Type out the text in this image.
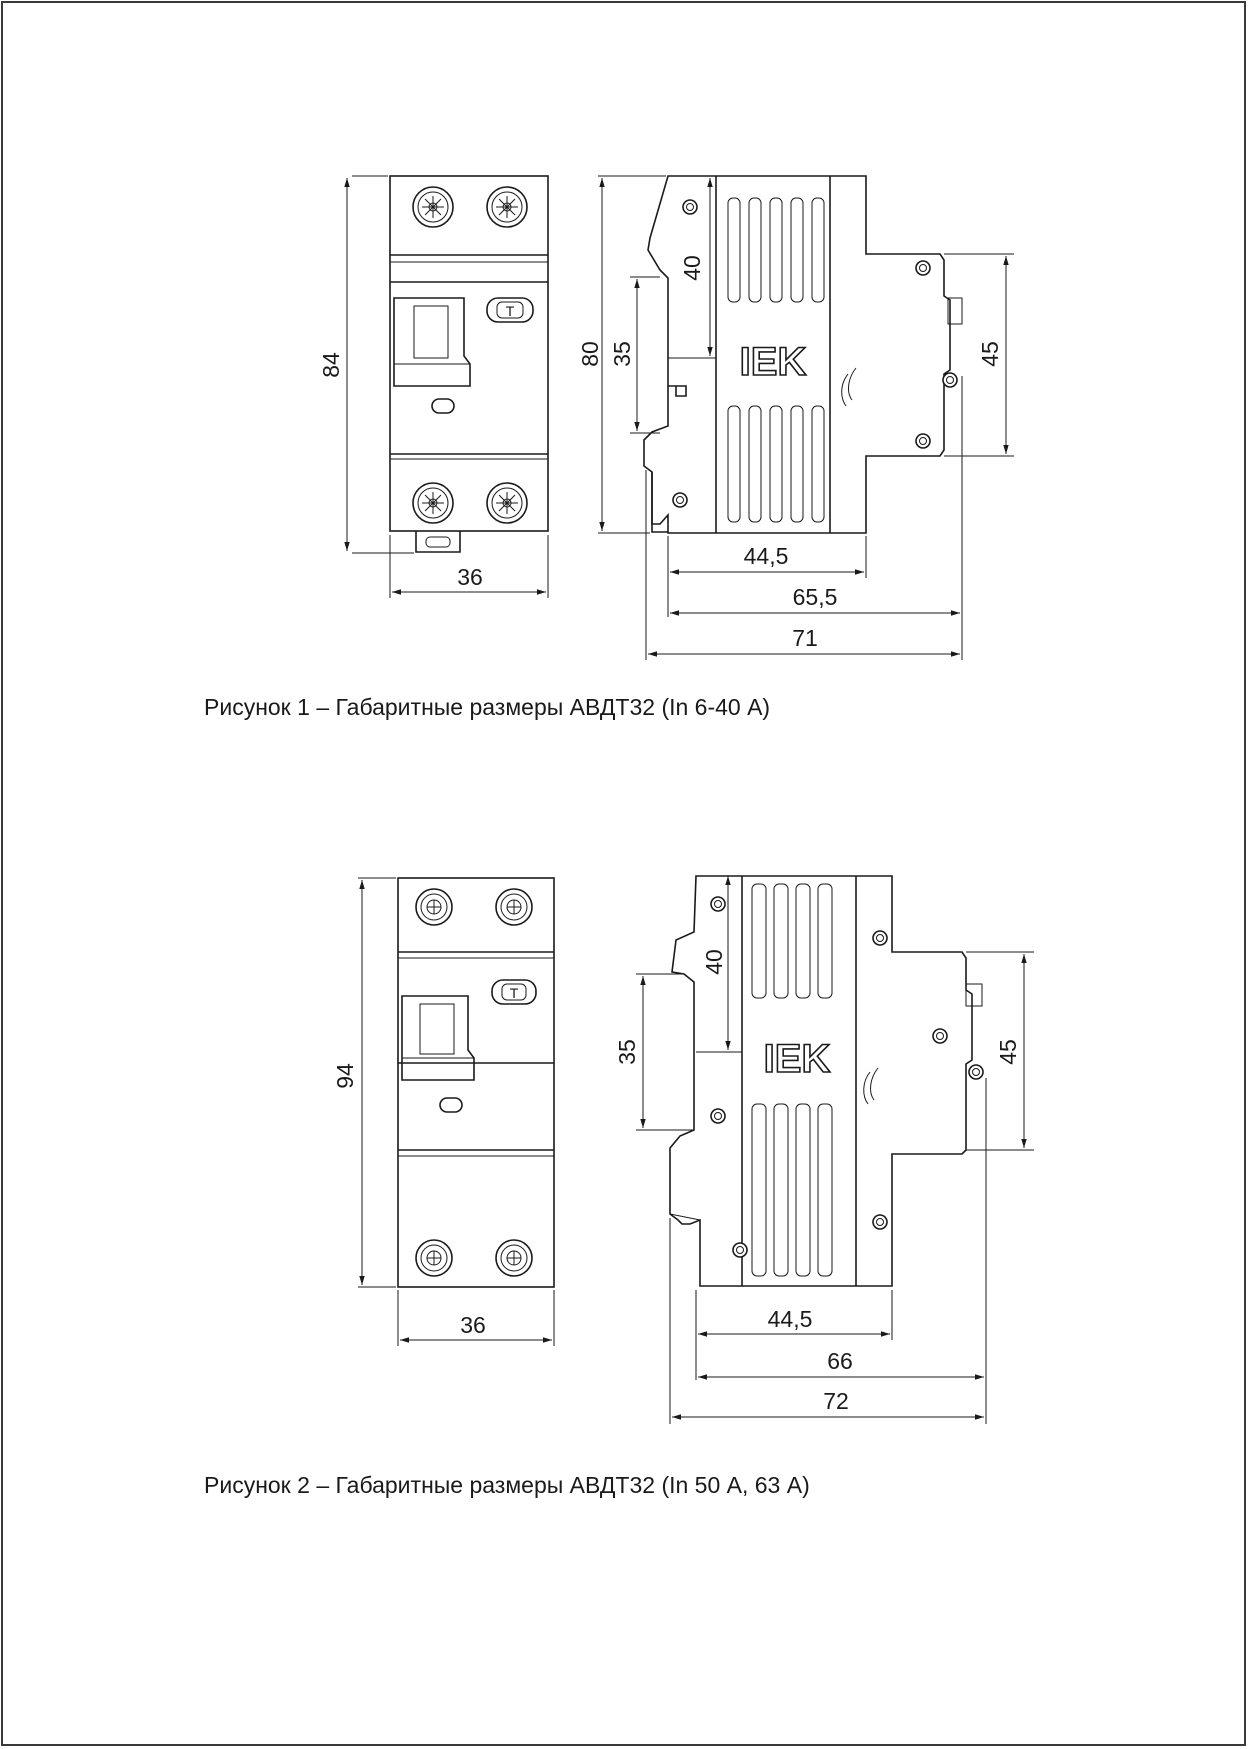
T
84
36
IEK
80 35
40
45
44,5
65,5
71
T
94
36
IEK
40
35	45
44,5
66
72
Рисунок 1 – Габаритные размеры АВДТ32 (In 6-40 А)
Рисунок 2 – Габаритные размеры АВДТ32 (In 50 А, 63 А)
